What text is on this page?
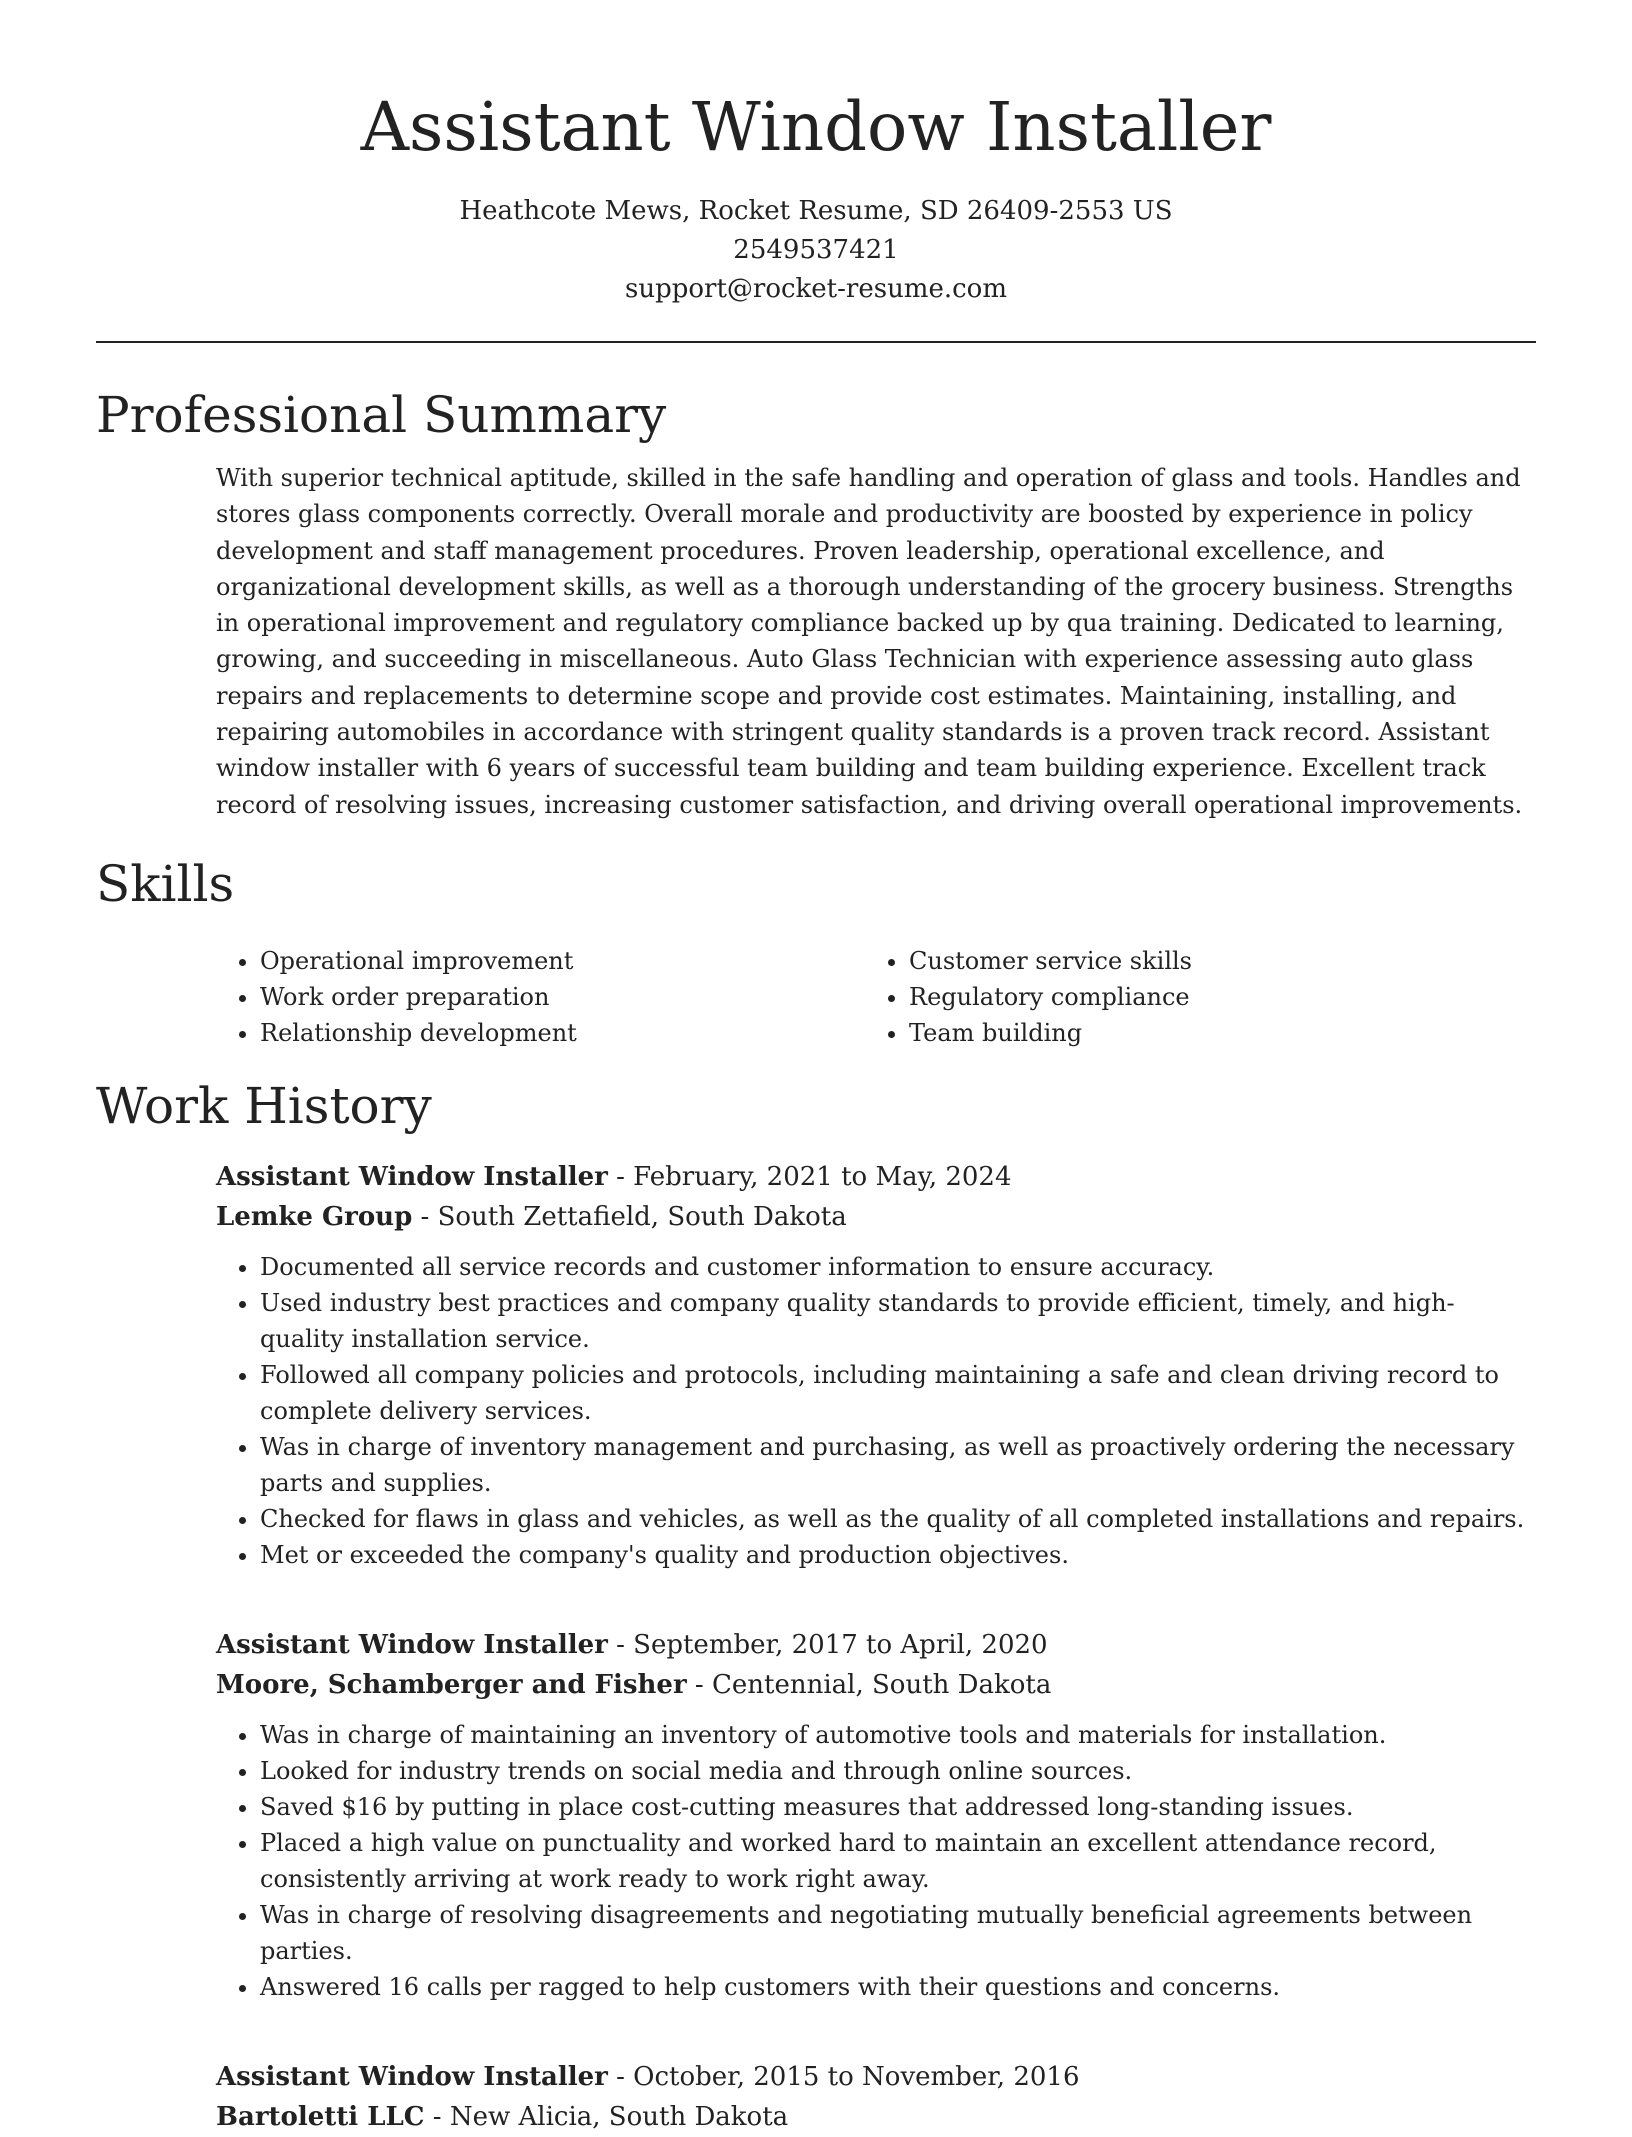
Assistant Window Installer
Heathcote Mews, Rocket Resume, SD 26409-2553 US
2549537421
support@rocket-resume.com
Professional Summary

With superior technical aptitude, skilled in the safe handling and operation of glass and tools. Handles and stores glass components correctly. Overall morale and productivity are boosted by experience in policy development and staff management procedures. Proven leadership, operational excellence, and organizational development skills, as well as a thorough understanding of the grocery business. Strengths in operational improvement and regulatory compliance backed up by qua training. Dedicated to learning, growing, and succeeding in miscellaneous. Auto Glass Technician with experience assessing auto glass repairs and replacements to determine scope and provide cost estimates. Maintaining, installing, and repairing automobiles in accordance with stringent quality standards is a proven track record. Assistant window installer with 6 years of successful team building and team building experience. Excellent track record of resolving issues, increasing customer satisfaction, and driving overall operational improvements.

Skills
• Operational improvement
• Work order preparation
• Relationship development
• Customer service skills
• Regulatory compliance
• Team building
Work History
Assistant Window Installer - February, 2021 to May, 2024
Lemke Group - South Zettafield, South Dakota
• Documented all service records and customer information to ensure accuracy.
• Used industry best practices and company quality standards to provide efficient, timely, and high-quality installation service.
• Followed all company policies and protocols, including maintaining a safe and clean driving record to complete delivery services.
• Was in charge of inventory management and purchasing, as well as proactively ordering the necessary parts and supplies.
• Checked for flaws in glass and vehicles, as well as the quality of all completed installations and repairs.
• Met or exceeded the company's quality and production objectives.
Assistant Window Installer - September, 2017 to April, 2020
Moore, Schamberger and Fisher - Centennial, South Dakota
• Was in charge of maintaining an inventory of automotive tools and materials for installation.
• Looked for industry trends on social media and through online sources.
• Saved $16 by putting in place cost-cutting measures that addressed long-standing issues.
• Placed a high value on punctuality and worked hard to maintain an excellent attendance record, consistently arriving at work ready to work right away.
• Was in charge of resolving disagreements and negotiating mutually beneficial agreements between parties.
• Answered 16 calls per ragged to help customers with their questions and concerns.
Assistant Window Installer - October, 2015 to November, 2016
Bartoletti LLC - New Alicia, South Dakota
